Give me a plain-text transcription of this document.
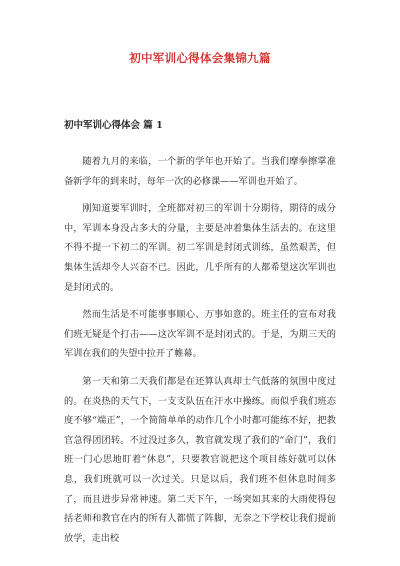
初中军训心得体会集锦九篇
初中军训心得体会 篇 1

随着九月的来临，一个新的学年也开始了。当我们摩拳擦掌准备新学年的到来时，每年一次的必修课——军训也开始了。

刚知道要军训时，全班都对初三的军训十分期待，期待的成分中，军训本身没占多大的分量，主要是冲着集体生活去的。在这里不得不提一下初二的军训。初二军训是封闭式训练，虽然艰苦，但集体生活却令人兴奋不已。因此，几乎所有的人都希望这次军训也是封闭式的。

然而生活是不可能事事顺心、万事如意的。班主任的宣布对我们班无疑是个打击——这次军训不是封闭式的。于是，为期三天的军训在我们的失望中拉开了帷幕。

第一天和第二天我们都是在还算认真却士气低落的氛围中度过的。在炎热的天气下，一支支队伍在汗水中操练。而似乎我们班态度不够“端正”，一个简简单单的动作几个小时都可能练不好，把教官急得团团转。不过没过多久，教官就发现了我们的“命门”，我们班一门心思地盯着“休息”，只要教官说把这个项目练好就可以休息，我们班就可以一次过关。只是以后，我们班不但休息时间多了，而且进步异常神速。第二天下午，一场突如其来的大雨使得包括老师和教官在内的所有人都慌了阵脚，无奈之下学校让我们提前放学，走出校
